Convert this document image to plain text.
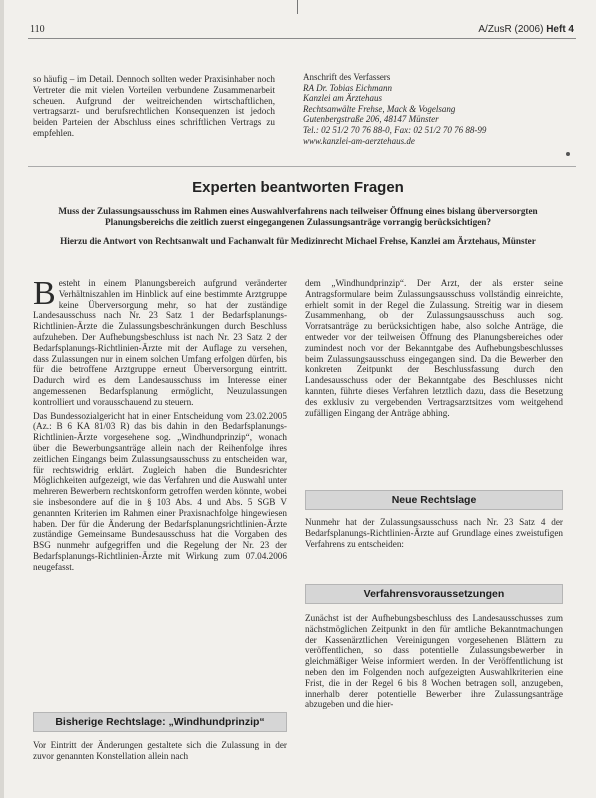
110	A/ZusR (2006) Heft 4

so häufig – im Detail. Dennoch sollten weder Praxisinhaber noch Vertreter die mit vielen Vorteilen verbundene Zusammenarbeit scheuen. Aufgrund der weitreichenden wirtschaftlichen, vertragsarzt- und berufsrechtlichen Konsequenzen ist jedoch beiden Parteien der Abschluss eines schriftlichen Vertrags zu empfehlen.

Anschrift des Verfassers
RA Dr. Tobias Eichmann
Kanzlei am Ärztehaus
Rechtsanwälte Frehse, Mack & Vogelsang
Gutenbergstraße 206, 48147 Münster
Tel.: 02 51/2 70 76 88-0, Fax: 02 51/2 70 76 88-99
www.kanzlei-am-aerztehaus.de
Experten beantworten Fragen
Muss der Zulassungsausschuss im Rahmen eines Auswahlverfahrens nach teilweiser Öffnung eines bislang überversorgten Planungsbereichs die zeitlich zuerst eingegangenen Zulassungsanträge vorrangig berücksichtigen?
Hierzu die Antwort von Rechtsanwalt und Fachanwalt für Medizinrecht Michael Frehse, Kanzlei am Ärztehaus, Münster

Besteht in einem Planungsbereich aufgrund veränderter Verhältniszahlen im Hinblick auf eine bestimmte Arztgruppe keine Überversorgung mehr, so hat der zuständige Landesausschuss nach Nr. 23 Satz 1 der Bedarfsplanungs-Richtlinien-Ärzte die Zulassungsbeschränkungen durch Beschluss aufzuheben. Der Aufhebungsbeschluss ist nach Nr. 23 Satz 2 der Bedarfsplanungs-Richtlinien-Ärzte mit der Auflage zu versehen, dass Zulassungen nur in einem solchen Umfang erfolgen dürfen, bis für die betroffene Arztgruppe erneut Überversorgung eintritt. Dadurch wird es dem Landesausschuss im Interesse einer angemessenen Bedarfsplanung ermöglicht, Neuzulassungen kontrolliert und vorausschauend zu steuern.

Das Bundessozialgericht hat in einer Entscheidung vom 23.02.2005 (Az.: B 6 KA 81/03 R) das bis dahin in den Bedarfsplanungs-Richtlinien-Ärzte vorgesehene sog. „Windhundprinzip“, wonach über die Bewerbungsanträge allein nach der Reihenfolge ihres zeitlichen Eingangs beim Zulassungsausschuss zu entscheiden war, für rechtswidrig erklärt. Zugleich haben die Bundesrichter Möglichkeiten aufgezeigt, wie das Verfahren und die Auswahl unter mehreren Bewerbern rechtskonform getroffen werden könnte, wobei sie insbesondere auf die in § 103 Abs. 4 und Abs. 5 SGB V genannten Kriterien im Rahmen einer Praxisnachfolge hingewiesen haben. Der für die Änderung der Bedarfsplanungsrichtlinien-Ärzte zuständige Gemeinsame Bundesausschuss hat die Vorgaben des BSG nunmehr aufgegriffen und die Regelung der Nr. 23 der Bedarfsplanungs-Richtlinien-Ärzte mit Wirkung zum 07.04.2006 neugefasst.

Bisherige Rechtslage: „Windhundprinzip“

Vor Eintritt der Änderungen gestaltete sich die Zulassung in der zuvor genannten Konstellation allein nach

dem „Windhundprinzip“. Der Arzt, der als erster seine Antragsformulare beim Zulassungsausschuss vollständig einreichte, erhielt somit in der Regel die Zulassung. Streitig war in diesem Zusammenhang, ob der Zulassungsausschuss auch sog. Vorratsanträge zu berücksichtigen habe, also solche Anträge, die entweder vor der teilweisen Öffnung des Planungsbereiches oder zumindest noch vor der Bekanntgabe des Aufhebungsbeschlusses beim Zulassungsausschuss eingegangen sind. Da die Bewerber den konkreten Zeitpunkt der Beschlussfassung durch den Landesausschuss oder der Bekanntgabe des Beschlusses nicht kannten, führte dieses Verfahren letztlich dazu, dass die Besetzung des exklusiv zu vergebenden Vertragsarztsitzes vom weitgehend zufälligen Eingang der Anträge abhing.

Neue Rechtslage

Nunmehr hat der Zulassungsausschuss nach Nr. 23 Satz 4 der Bedarfsplanungs-Richtlinien-Ärzte auf Grundlage eines zweistufigen Verfahrens zu entscheiden:

Verfahrensvoraussetzungen

Zunächst ist der Aufhebungsbeschluss des Landesausschusses zum nächstmöglichen Zeitpunkt in den für amtliche Bekanntmachungen der Kassenärztlichen Vereinigungen vorgesehenen Blättern zu veröffentlichen, so dass potentielle Zulassungsbewerber in gleichmäßiger Weise informiert werden. In der Veröffentlichung ist neben den im Folgenden noch aufgezeigten Auswahlkriterien eine Frist, die in der Regel 6 bis 8 Wochen betragen soll, anzugeben, innerhalb derer potentielle Bewerber ihre Zulassungsanträge abzugeben und die hier-
